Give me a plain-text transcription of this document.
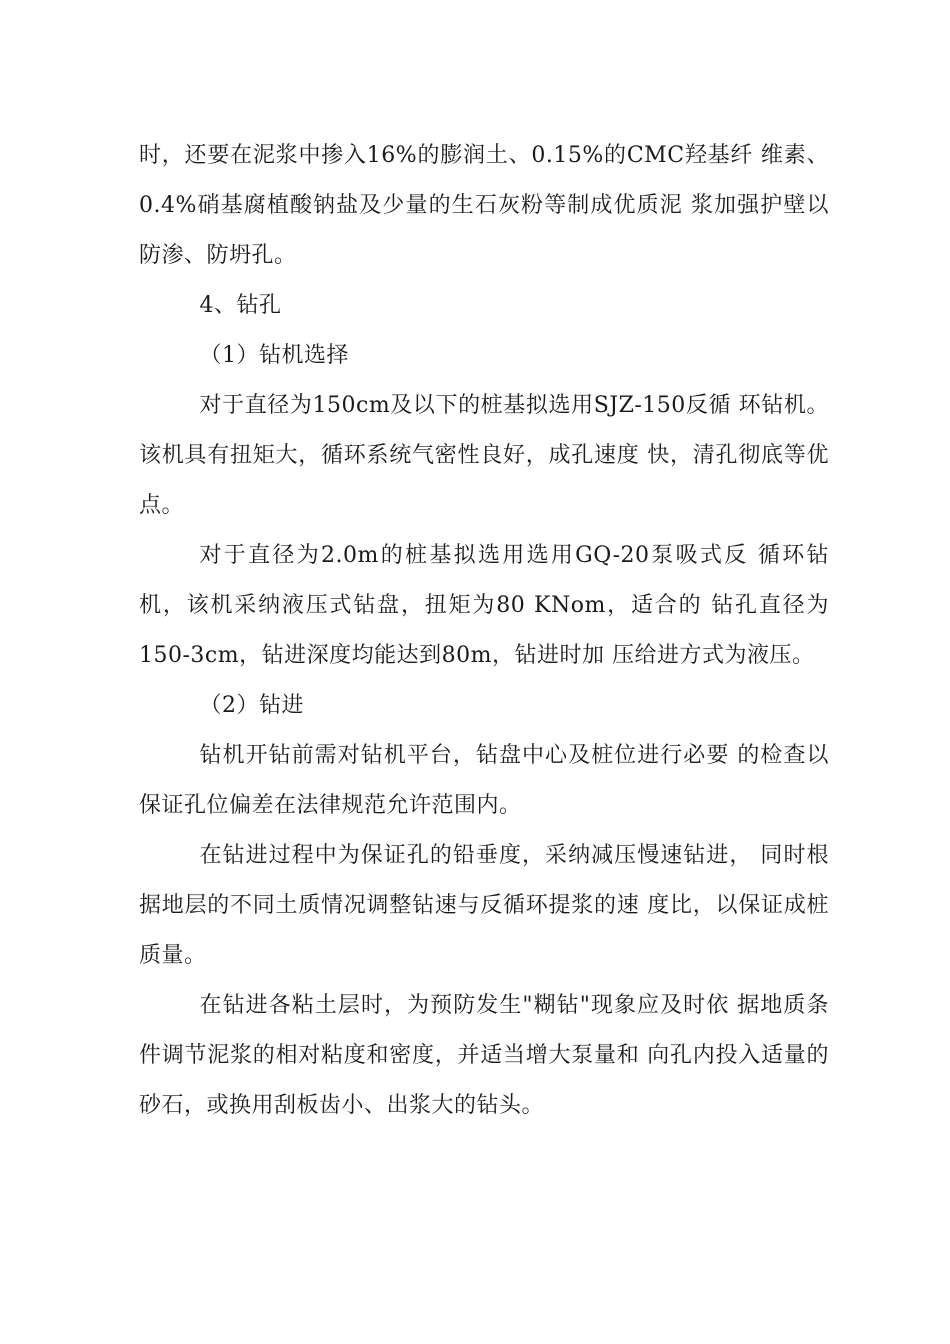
时，还要在泥浆中掺入16%的膨润土、0.15%的CMC羟基纤 维素、0.4%硝基腐植酸钠盐及少量的生石灰粉等制成优质泥 浆加强护壁以防渗、防坍孔。

4、钻孔

（1）钻机选择

对于直径为150cm及以下的桩基拟选用SJZ-150反循 环钻机。该机具有扭矩大，循环系统气密性良好，成孔速度 快，清孔彻底等优点。

对于直径为2.0m的桩基拟选用选用GQ-20泵吸式反 循环钻机，该机采纳液压式钻盘，扭矩为80 KNom，适合的 钻孔直径为150-3cm，钻进深度均能达到80m，钻进时加 压给进方式为液压。

（2）钻进

钻机开钻前需对钻机平台，钻盘中心及桩位进行必要 的检查以保证孔位偏差在法律规范允许范围内。

在钻进过程中为保证孔的铅垂度，采纳减压慢速钻进， 同时根据地层的不同土质情况调整钻速与反循环提浆的速 度比，以保证成桩质量。

在钻进各粘土层时，为预防发生"糊钻"现象应及时依 据地质条件调节泥浆的相对粘度和密度，并适当增大泵量和 向孔内投入适量的砂石，或换用刮板齿小、出浆大的钻头。
